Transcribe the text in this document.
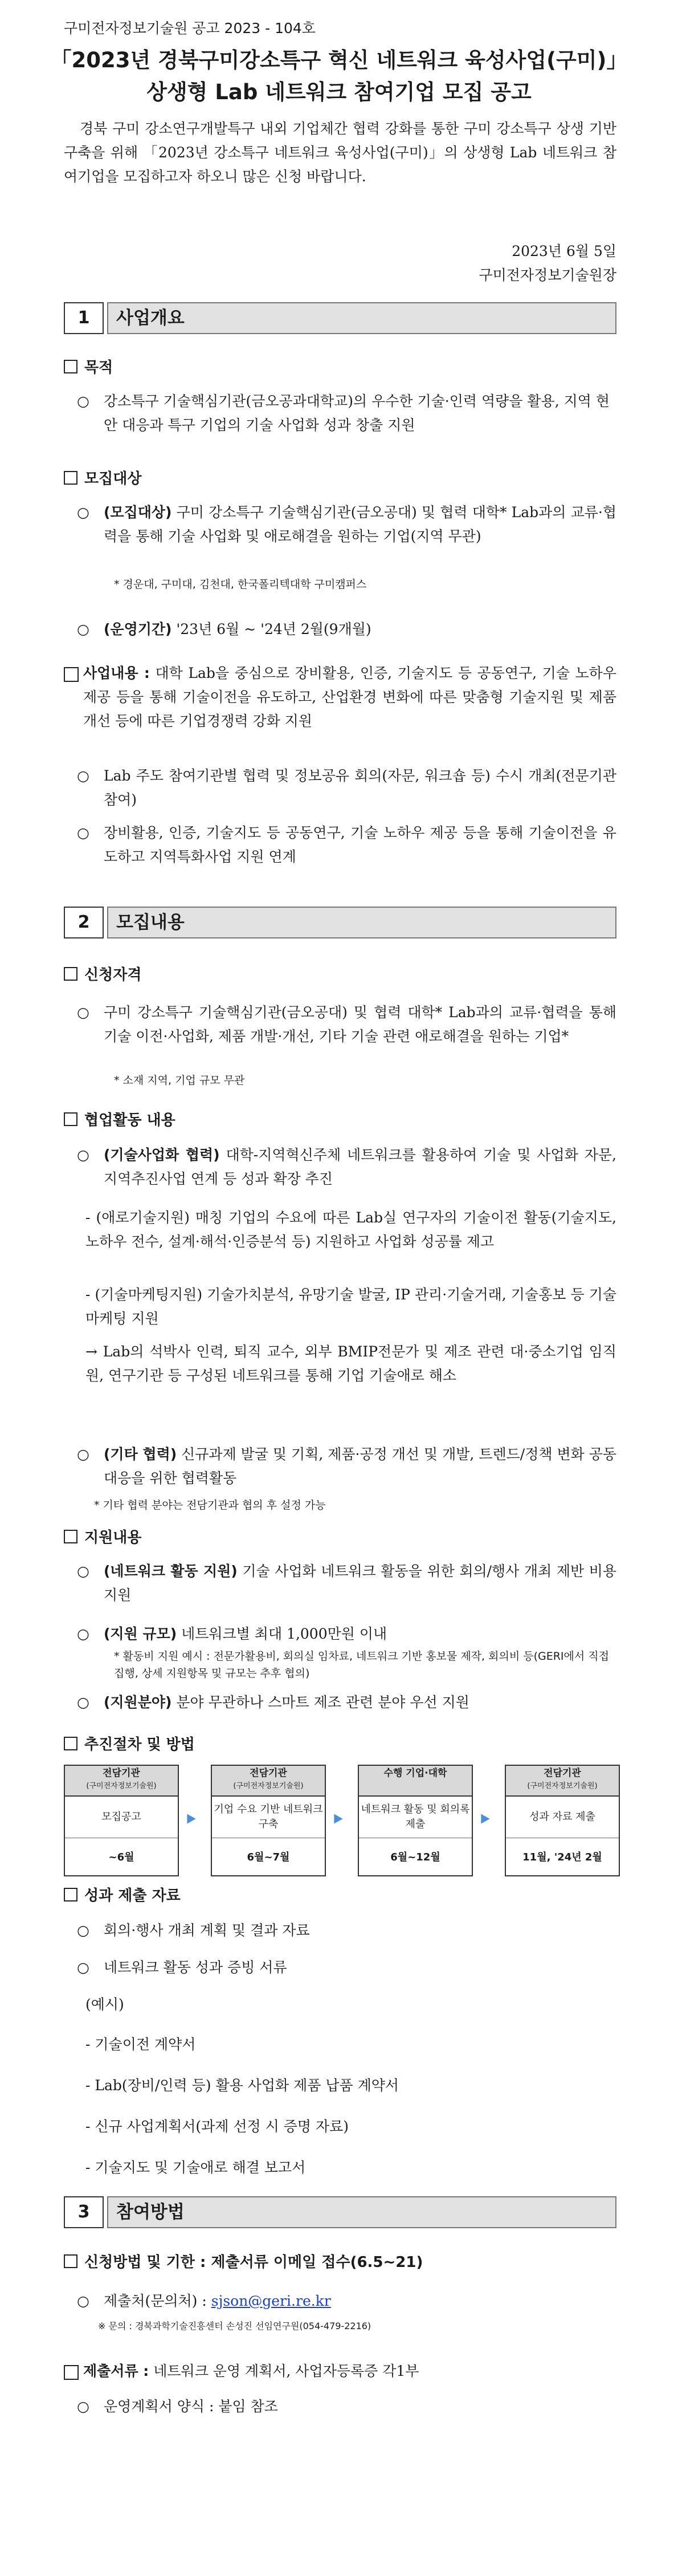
구미전자정보기술원 공고 2023 - 104호
「2023년 경북구미강소특구 혁신 네트워크 육성사업(구미)」
상생형 Lab 네트워크 참여기업 모집 공고
경북 구미 강소연구개발특구 내외 기업체간 협력 강화를 통한 구미 강소특구 상생 기반 구축을 위해 「2023년 강소특구 네트워크 육성사업(구미)」의 상생형 Lab 네트워크 참여기업을 모집하고자 하오니 많은 신청 바랍니다.
2023년 6월 5일
구미전자정보기술원장
1	사업개요
목적
○ 강소특구 기술핵심기관(금오공과대학교)의 우수한 기술·인력 역량을 활용, 지역 현안 대응과 특구 기업의 기술 사업화 성과 창출 지원
모집대상
○ (모집대상) 구미 강소특구 기술핵심기관(금오공대) 및 협력 대학* Lab과의 교류·협력을 통해 기술 사업화 및 애로해결을 원하는 기업(지역 무관)
* 경운대, 구미대, 김천대, 한국폴리텍대학 구미캠퍼스
○ (운영기간) '23년 6월 ~ '24년 2월(9개월)
사업내용 : 대학 Lab을 중심으로 장비활용, 인증, 기술지도 등 공동연구, 기술 노하우 제공 등을 통해 기술이전을 유도하고, 산업환경 변화에 따른 맞춤형 기술지원 및 제품 개선 등에 따른 기업경쟁력 강화 지원
○ Lab 주도 참여기관별 협력 및 정보공유 회의(자문, 워크숍 등) 수시 개최(전문기관 참여)
○ 장비활용, 인증, 기술지도 등 공동연구, 기술 노하우 제공 등을 통해 기술이전을 유도하고 지역특화사업 지원 연계
2	모집내용
신청자격
○ 구미 강소특구 기술핵심기관(금오공대) 및 협력 대학* Lab과의 교류·협력을 통해 기술 이전·사업화, 제품 개발·개선, 기타 기술 관련 애로해결을 원하는 기업*
* 소재 지역, 기업 규모 무관
협업활동 내용
○ (기술사업화 협력) 대학-지역혁신주체 네트워크를 활용하여 기술 및 사업화 자문, 지역추진사업 연계 등 성과 확장 추진
- (애로기술지원) 매칭 기업의 수요에 따른 Lab실 연구자의 기술이전 활동(기술지도, 노하우 전수, 설계·해석·인증분석 등) 지원하고 사업화 성공률 제고
- (기술마케팅지원) 기술가치분석, 유망기술 발굴, IP 관리·기술거래, 기술홍보 등 기술마케팅 지원
→ Lab의 석박사 인력, 퇴직 교수, 외부 BMIP전문가 및 제조 관련 대·중소기업 임직원, 연구기관 등 구성된 네트워크를 통해 기업 기술애로 해소
○ (기타 협력) 신규과제 발굴 및 기획, 제품·공정 개선 및 개발, 트렌드/정책 변화 공동 대응을 위한 협력활동
* 기타 협력 분야는 전담기관과 협의 후 설정 가능
지원내용
○ (네트워크 활동 지원) 기술 사업화 네트워크 활동을 위한 회의/행사 개최 제반 비용 지원
○ (지원 규모) 네트워크별 최대 1,000만원 이내
* 활동비 지원 예시 : 전문가활용비, 회의실 임차료, 네트워크 기반 홍보물 제작, 회의비 등(GERI에서 직접 집행, 상세 지원항목 및 규모는 추후 협의)
○ (지원분야) 분야 무관하나 스마트 제조 관련 분야 우선 지원
추진절차 및 방법
전담기관
(구미전자정보기술원)
모집공고
~6월
전담기관
(구미전자정보기술원)
기업 수요 기반 네트워크 구축
6월~7월
수행 기업·대학
네트워크 활동 및 회의록 제출
6월~12월
전담기관
(구미전자정보기술원)
성과 자료 제출
11월, '24년 2월
성과 제출 자료
○ 회의·행사 개최 계획 및 결과 자료
○ 네트워크 활동 성과 증빙 서류
(예시)
- 기술이전 계약서
- Lab(장비/인력 등) 활용 사업화 제품 납품 계약서
- 신규 사업계획서(과제 선정 시 증명 자료)
- 기술지도 및 기술애로 해결 보고서
3	참여방법
신청방법 및 기한 : 제출서류 이메일 접수(6.5~21)
○ 제출처(문의처) : sjson@geri.re.kr
※ 문의 : 경북과학기술진흥센터 손성진 선임연구원(054-479-2216)
제출서류 : 네트워크 운영 계획서, 사업자등록증 각1부
○ 운영계획서 양식 : 붙임 참조
